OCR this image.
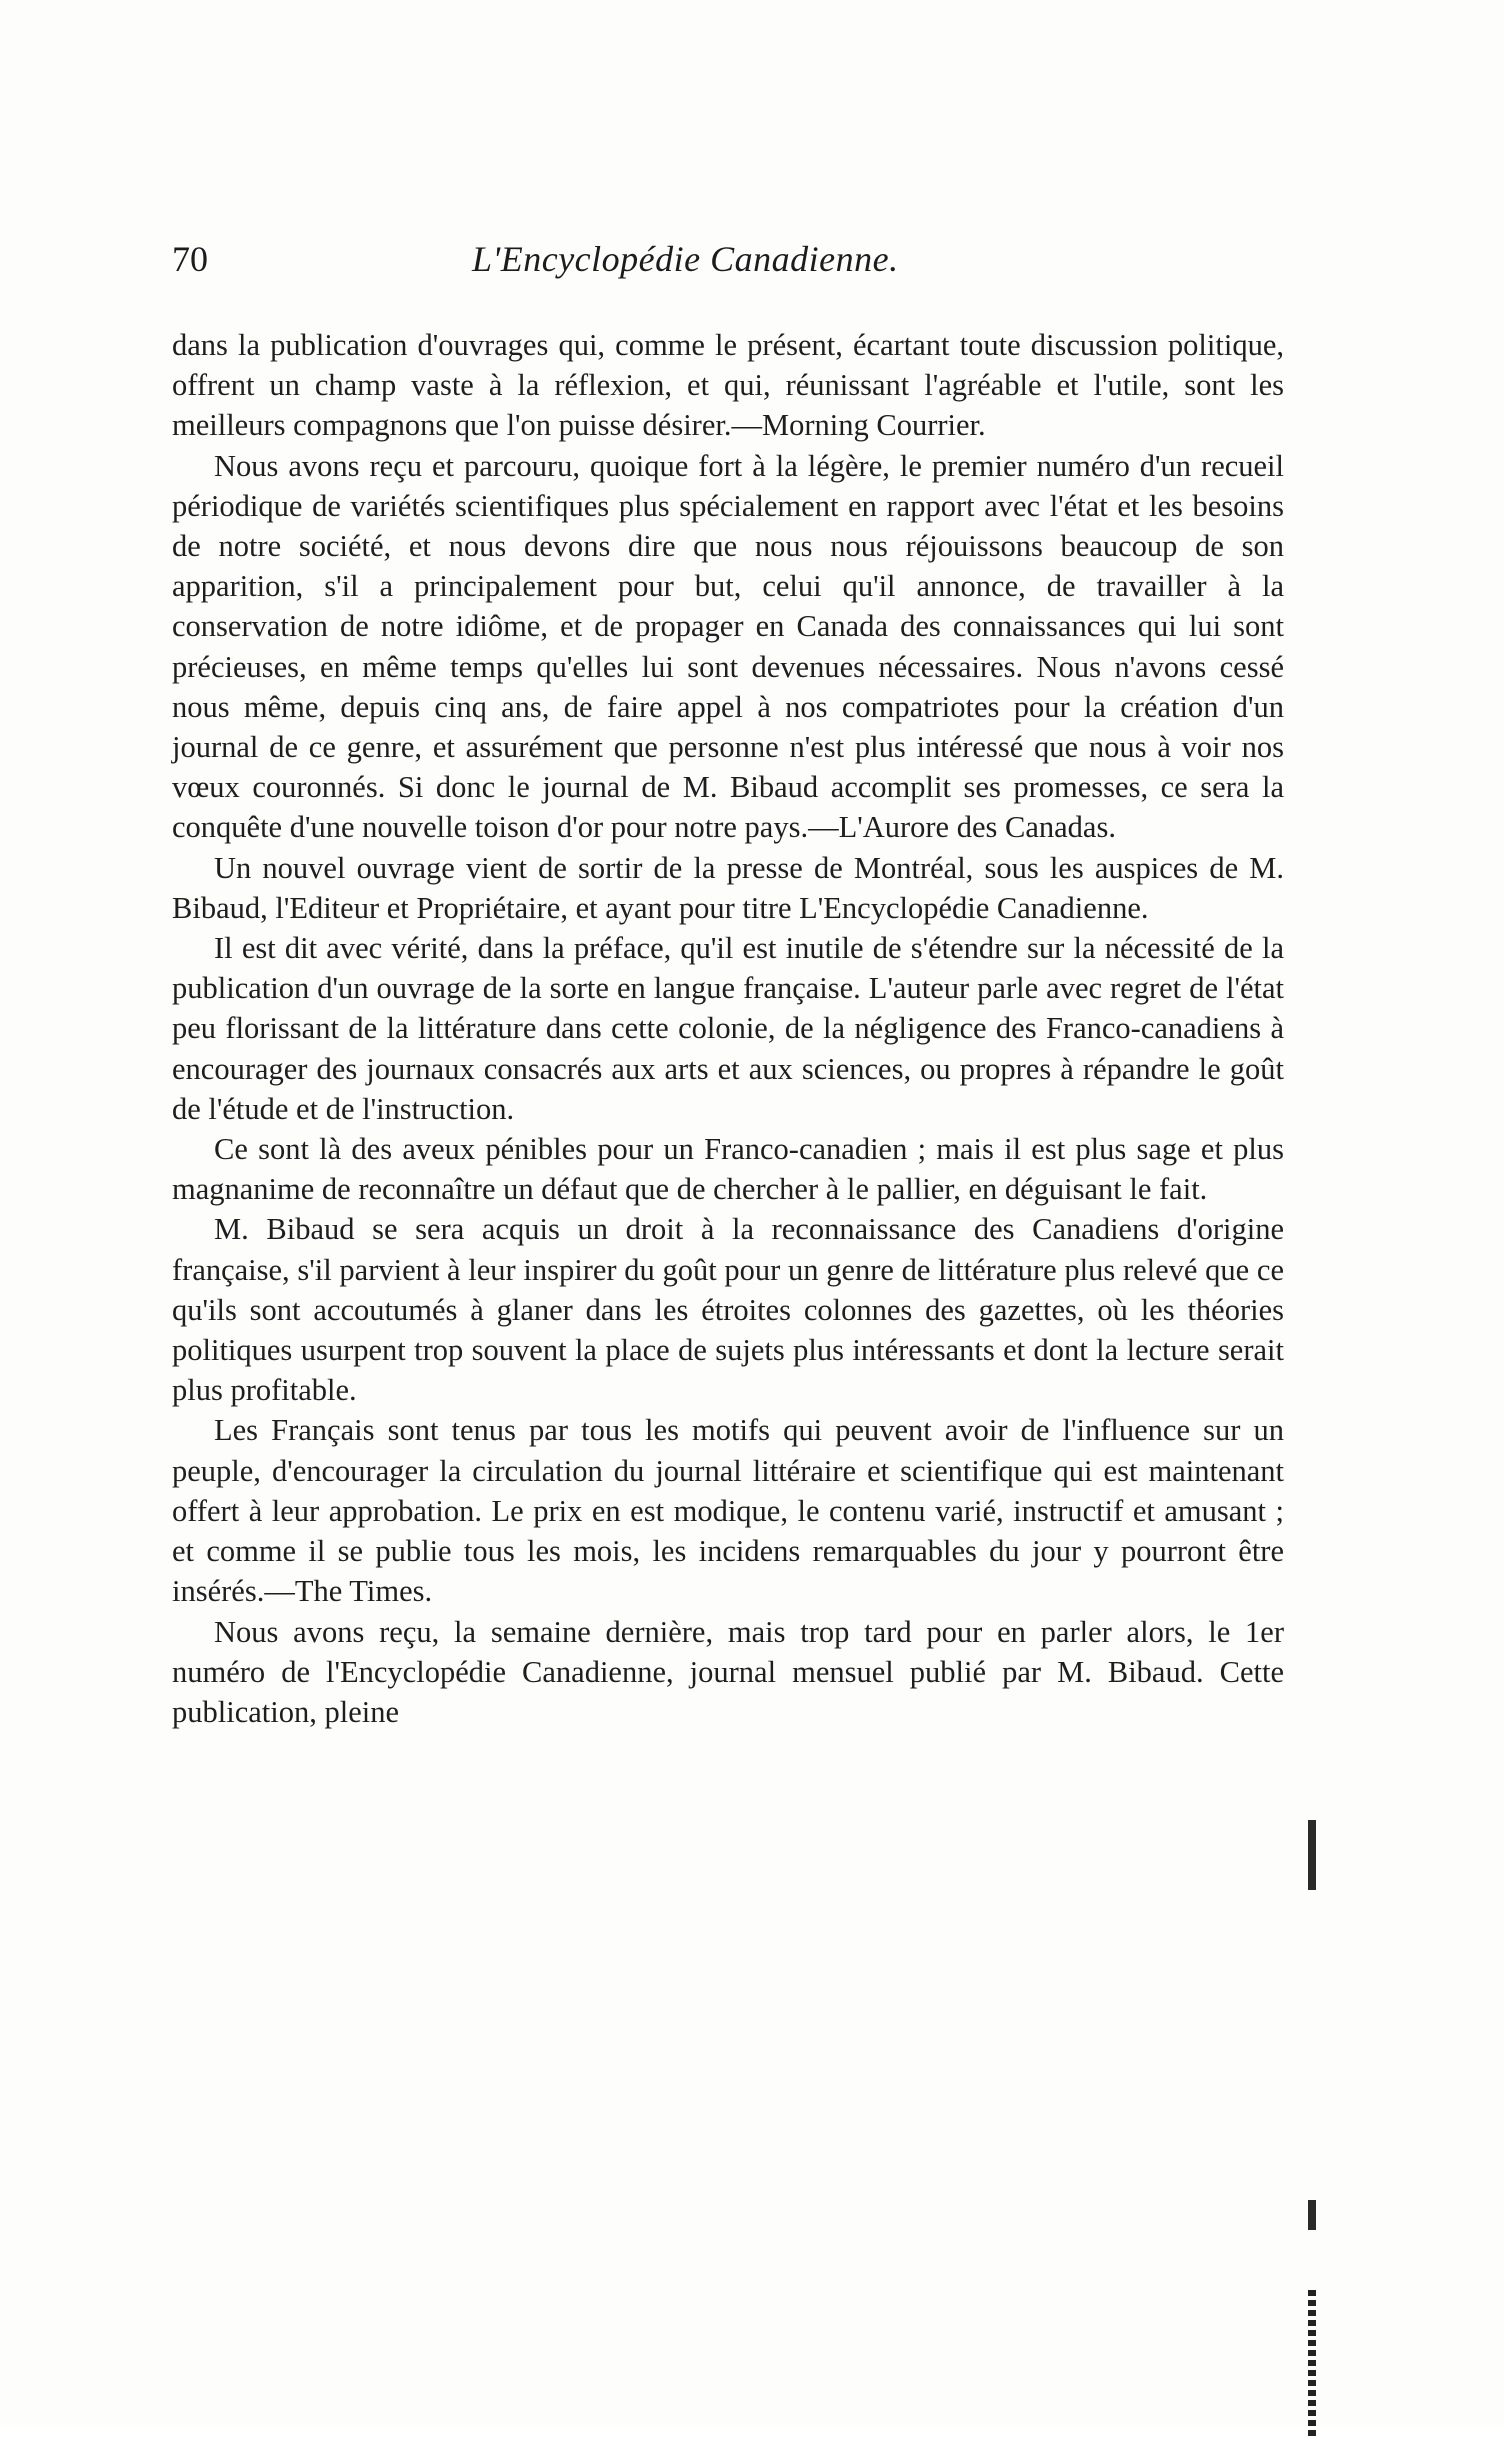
70	L'Encyclopédie Canadienne.

dans la publication d'ouvrages qui, comme le présent, écartant toute discussion politique, offrent un champ vaste à la réflexion, et qui, réunissant l'agréable et l'utile, sont les meilleurs compagnons que l'on puisse désirer.—Morning Courrier.

Nous avons reçu et parcouru, quoique fort à la légère, le premier numéro d'un recueil périodique de variétés scientifiques plus spécialement en rapport avec l'état et les besoins de notre société, et nous devons dire que nous nous réjouissons beaucoup de son apparition, s'il a principalement pour but, celui qu'il annonce, de travailler à la conservation de notre idiôme, et de propager en Canada des connaissances qui lui sont précieuses, en même temps qu'elles lui sont devenues nécessaires. Nous n'avons cessé nous même, depuis cinq ans, de faire appel à nos compatriotes pour la création d'un journal de ce genre, et assurément que personne n'est plus intéressé que nous à voir nos vœux couronnés. Si donc le journal de M. Bibaud accomplit ses promesses, ce sera la conquête d'une nouvelle toison d'or pour notre pays.—L'Aurore des Canadas.

Un nouvel ouvrage vient de sortir de la presse de Montréal, sous les auspices de M. Bibaud, l'Editeur et Propriétaire, et ayant pour titre L'Encyclopédie Canadienne.

Il est dit avec vérité, dans la préface, qu'il est inutile de s'étendre sur la nécessité de la publication d'un ouvrage de la sorte en langue française. L'auteur parle avec regret de l'état peu florissant de la littérature dans cette colonie, de la négligence des Franco-canadiens à encourager des journaux consacrés aux arts et aux sciences, ou propres à répandre le goût de l'étude et de l'instruction.

Ce sont là des aveux pénibles pour un Franco-canadien ; mais il est plus sage et plus magnanime de reconnaître un défaut que de chercher à le pallier, en déguisant le fait.

M. Bibaud se sera acquis un droit à la reconnaissance des Canadiens d'origine française, s'il parvient à leur inspirer du goût pour un genre de littérature plus relevé que ce qu'ils sont accoutumés à glaner dans les étroites colonnes des gazettes, où les théories politiques usurpent trop souvent la place de sujets plus intéressants et dont la lecture serait plus profitable.

Les Français sont tenus par tous les motifs qui peuvent avoir de l'influence sur un peuple, d'encourager la circulation du journal littéraire et scientifique qui est maintenant offert à leur approbation. Le prix en est modique, le contenu varié, instructif et amusant ; et comme il se publie tous les mois, les incidens remarquables du jour y pourront être insérés.—The Times.

Nous avons reçu, la semaine dernière, mais trop tard pour en parler alors, le 1er numéro de l'Encyclopédie Canadienne, journal mensuel publié par M. Bibaud. Cette publication, pleine
